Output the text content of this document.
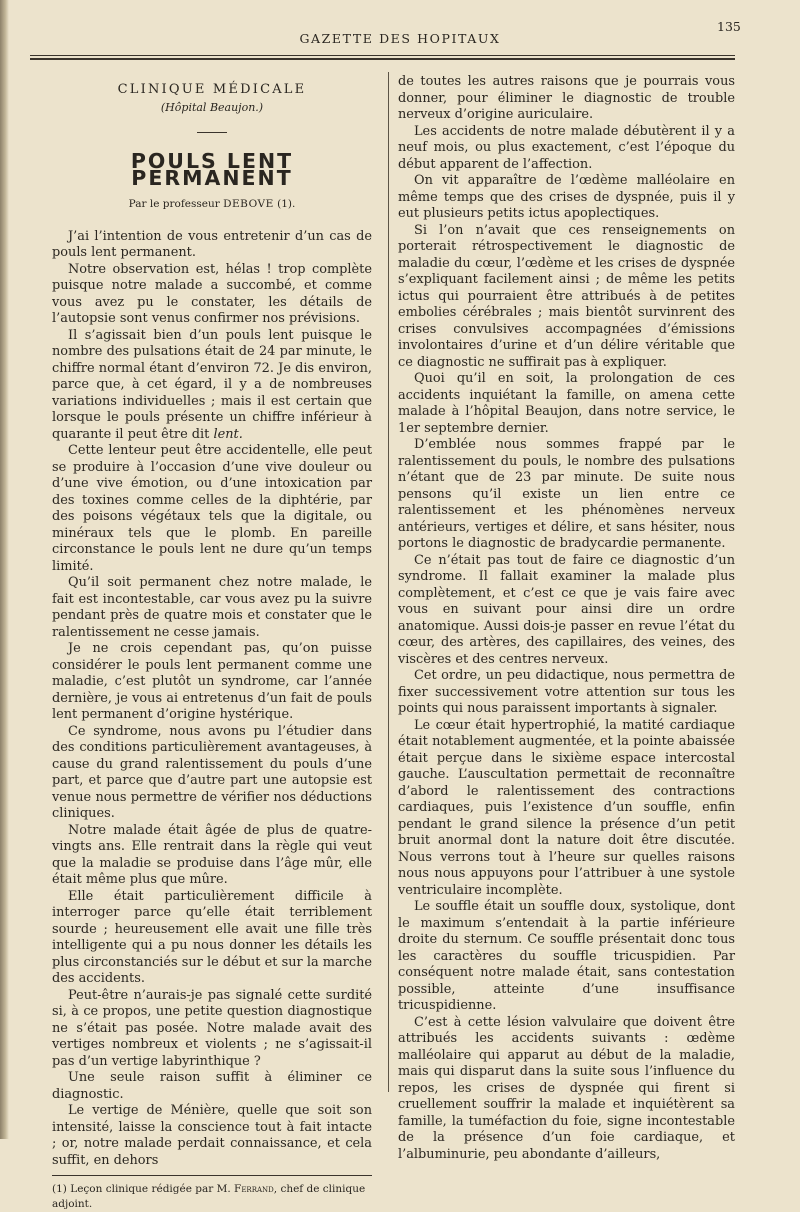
GAZETTE DES HOPITAUX
135
CLINIQUE MÉDICALE
(Hôpital Beaujon.)
POULS LENT PERMANENT
Par le professeur DEBOVE (1).

J’ai l’intention de vous entretenir d’un cas de pouls lent permanent.

Notre observation est, hélas ! trop complète puisque notre malade a succombé, et comme vous avez pu le constater, les détails de l’autopsie sont venus confirmer nos prévisions.

Il s’agissait bien d’un pouls lent puisque le nombre des pulsations était de 24 par minute, le chiffre normal étant d’environ 72. Je dis environ, parce que, à cet égard, il y a de nombreuses variations individuelles ; mais il est certain que lorsque le pouls présente un chiffre inférieur à quarante il peut être dit lent.

Cette lenteur peut être accidentelle, elle peut se produire à l’occasion d’une vive douleur ou d’une vive émotion, ou d’une intoxication par des toxines comme celles de la diphtérie, par des poisons végétaux tels que la digitale, ou minéraux tels que le plomb. En pareille circonstance le pouls lent ne dure qu’un temps limité.

Qu’il soit permanent chez notre malade, le fait est incontestable, car vous avez pu la suivre pendant près de quatre mois et constater que le ralentissement ne cesse jamais.

Je ne crois cependant pas, qu’on puisse considérer le pouls lent permanent comme une maladie, c’est plutôt un syndrome, car l’année dernière, je vous ai entretenus d’un fait de pouls lent permanent d’origine hystérique.

Ce syndrome, nous avons pu l’étudier dans des conditions particulièrement avantageuses, à cause du grand ralentissement du pouls d’une part, et parce que d’autre part une autopsie est venue nous permettre de vérifier nos déductions cliniques.

Notre malade était âgée de plus de quatre-vingts ans. Elle rentrait dans la règle qui veut que la maladie se produise dans l’âge mûr, elle était même plus que mûre.

Elle était particulièrement difficile à interroger parce qu’elle était terriblement sourde ; heureusement elle avait une fille très intelligente qui a pu nous donner les détails les plus circonstanciés sur le début et sur la marche des accidents.

Peut-être n’aurais-je pas signalé cette surdité si, à ce propos, une petite question diagnostique ne s’était pas posée. Notre malade avait des vertiges nombreux et violents ; ne s’agissait-il pas d’un vertige labyrinthique ?

Une seule raison suffit à éliminer ce diagnostic.

Le vertige de Ménière, quelle que soit son intensité, laisse la conscience tout à fait intacte ; or, notre malade perdait connaissance, et cela suffit, en dehors

(1) Leçon clinique rédigée par M. Ferrand, chef de clinique adjoint.

de toutes les autres raisons que je pourrais vous donner, pour éliminer le diagnostic de trouble nerveux d’origine auriculaire.

Les accidents de notre malade débutèrent il y a neuf mois, ou plus exactement, c’est l’époque du début apparent de l’affection.

On vit apparaître de l’œdème malléolaire en même temps que des crises de dyspnée, puis il y eut plusieurs petits ictus apoplectiques.

Si l’on n’avait que ces renseignements on porterait rétrospectivement le diagnostic de maladie du cœur, l’œdème et les crises de dyspnée s’expliquant facilement ainsi ; de même les petits ictus qui pourraient être attribués à de petites embolies cérébrales ; mais bientôt survinrent des crises convulsives accompagnées d’émissions involontaires d’urine et d’un délire véritable que ce diagnostic ne suffirait pas à expliquer.

Quoi qu’il en soit, la prolongation de ces accidents inquiétant la famille, on amena cette malade à l’hôpital Beaujon, dans notre service, le 1er septembre dernier.

D’emblée nous sommes frappé par le ralentissement du pouls, le nombre des pulsations n’étant que de 23 par minute. De suite nous pensons qu’il existe un lien entre ce ralentissement et les phénomènes nerveux antérieurs, vertiges et délire, et sans hésiter, nous portons le diagnostic de bradycardie permanente.

Ce n’était pas tout de faire ce diagnostic d’un syndrome. Il fallait examiner la malade plus complètement, et c’est ce que je vais faire avec vous en suivant pour ainsi dire un ordre anatomique. Aussi dois-je passer en revue l’état du cœur, des artères, des capillaires, des veines, des viscères et des centres nerveux.

Cet ordre, un peu didactique, nous permettra de fixer successivement votre attention sur tous les points qui nous paraissent importants à signaler.

Le cœur était hypertrophié, la matité cardiaque était notablement augmentée, et la pointe abaissée était perçue dans le sixième espace intercostal gauche. L’auscultation permettait de reconnaître d’abord le ralentissement des contractions cardiaques, puis l’existence d’un souffle, enfin pendant le grand silence la présence d’un petit bruit anormal dont la nature doit être discutée. Nous verrons tout à l’heure sur quelles raisons nous nous appuyons pour l’attribuer à une systole ventriculaire incomplète.

Le souffle était un souffle doux, systolique, dont le maximum s’entendait à la partie inférieure droite du sternum. Ce souffle présentait donc tous les caractères du souffle tricuspidien. Par conséquent notre malade était, sans contestation possible, atteinte d’une insuffisance tricuspidienne.

C’est à cette lésion valvulaire que doivent être attribués les accidents suivants : œdème malléolaire qui apparut au début de la maladie, mais qui disparut dans la suite sous l’influence du repos, les crises de dyspnée qui firent si cruellement souffrir la malade et inquiétèrent sa famille, la tuméfaction du foie, signe incontestable de la présence d’un foie cardiaque, et l’albuminurie, peu abondante d’ailleurs,
